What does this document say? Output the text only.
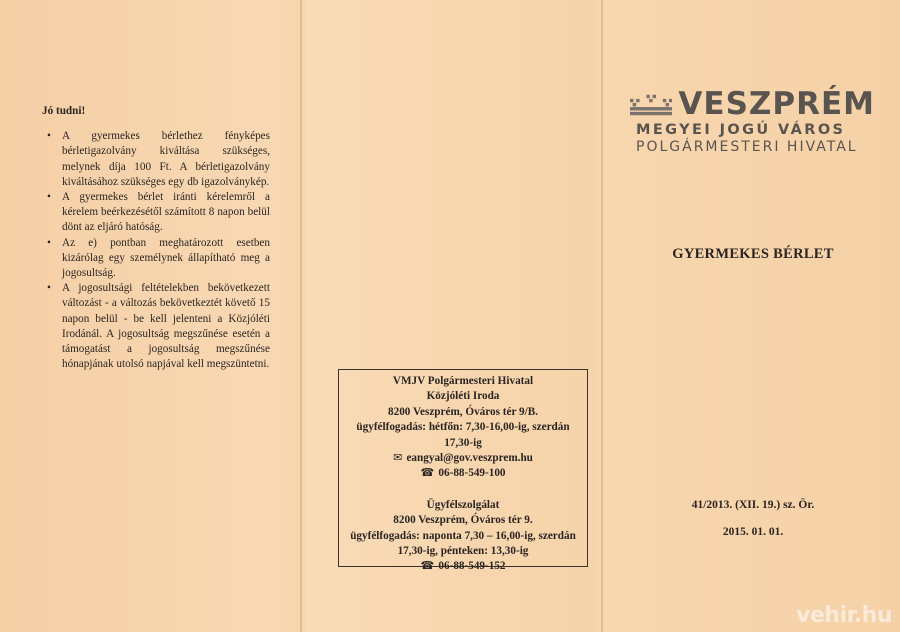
Jó tudni!
• A gyermekes bérlethez fényképes bérletigazolvány kiváltása szükséges, melynek díja 100 Ft. A bérletigazolvány kiváltásához szükséges egy db igazolványkép.
• A gyermekes bérlet iránti kérelemről a kérelem beérkezésétől számított 8 napon belül dönt az eljáró hatóság.
• Az e) pontban meghatározott esetben kizárólag egy személynek állapítható meg a jogosultság.
• A jogosultsági feltételekben bekövetkezett változást - a változás bekövetkeztét követő 15 napon belül - be kell jelenteni a Közjóléti Irodánál. A jogosultság megszűnése esetén a támogatást a jogosultság megszűnése hónapjának utolsó napjával kell megszüntetni.
VMJV Polgármesteri Hivatal
Közjóléti Iroda
8200 Veszprém, Óváros tér 9/B.
ügyfélfogadás: hétfőn: 7,30-16,00-ig, szerdán 17,30-ig
✉ eangyal@gov.veszprem.hu
☎ 06-88-549-100
Ügyfélszolgálat
8200 Veszprém, Óváros tér 9.
ügyfélfogadás: naponta 7,30 – 16,00-ig, szerdán 17,30-ig, pénteken: 13,30-ig
☎ 06-88-549-152
VESZPRÉM
MEGYEI JOGÚ VÁROS
POLGÁRMESTERI HIVATAL
GYERMEKES BÉRLET
41/2013. (XII. 19.) sz. Ör.
2015. 01. 01.
vehir.hu
